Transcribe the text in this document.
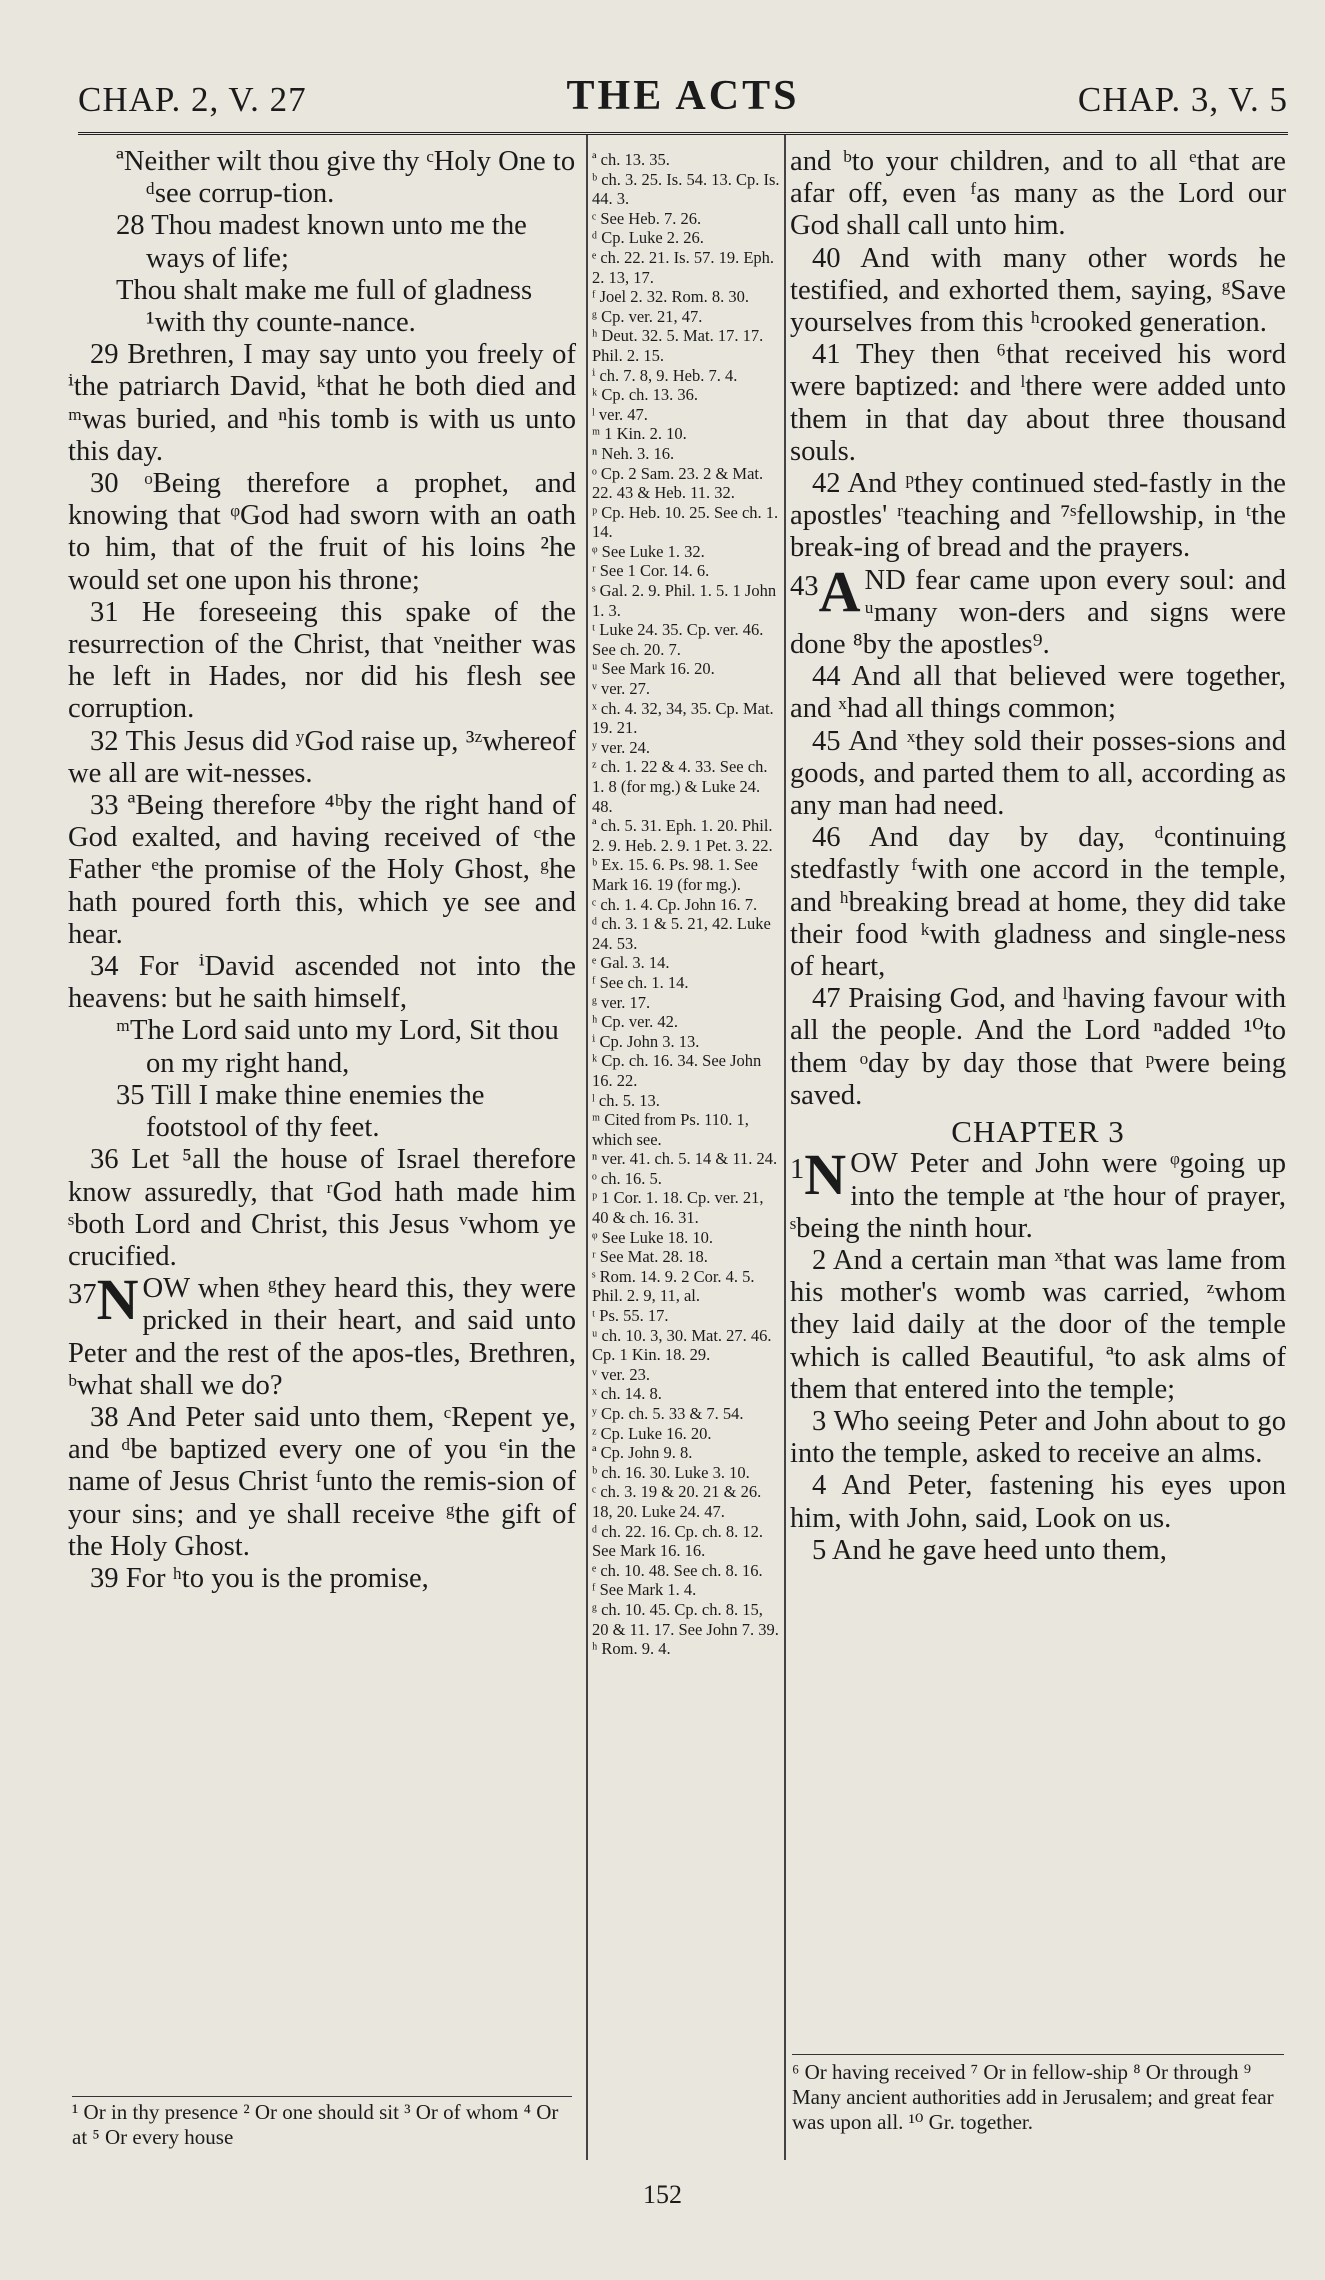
CHAP. 2, V. 27	THE ACTS	CHAP. 3, V. 5

ªNeither wilt thou give thy ᶜHoly One to ᵈsee corrup-tion.

28 Thou madest known unto me the ways of life;

Thou shalt make me full of gladness ¹with thy counte-nance.

29 Brethren, I may say unto you freely of ⁱthe patriarch David, ᵏthat he both died and ᵐwas buried, and ⁿhis tomb is with us unto this day.

30 ᵒBeing therefore a prophet, and knowing that ᵠGod had sworn with an oath to him, that of the fruit of his loins ²he would set one upon his throne;

31 He foreseeing this spake of the resurrection of the Christ, that ᵛneither was he left in Hades, nor did his flesh see corruption.

32 This Jesus did ʸGod raise up, ³ᶻwhereof we all are wit-nesses.

33 ªBeing therefore ⁴ᵇby the right hand of God exalted, and having received of ᶜthe Father ᵉthe promise of the Holy Ghost, ᵍhe hath poured forth this, which ye see and hear.

34 For ⁱDavid ascended not into the heavens: but he saith himself,

ᵐThe Lord said unto my Lord, Sit thou on my right hand,

35 Till I make thine enemies the footstool of thy feet.

36 Let ⁵all the house of Israel therefore know assuredly, that ʳGod hath made him ˢboth Lord and Christ, this Jesus ᵛwhom ye crucified.

37 N OW when ᵍthey heard this, they were pricked in their heart, and said unto Peter and the rest of the apos-tles, Brethren, ᵇwhat shall we do?

38 And Peter said unto them, ᶜRepent ye, and ᵈbe baptized every one of you ᵉin the name of Jesus Christ ᶠunto the remis-sion of your sins; and ye shall receive ᵍthe gift of the Holy Ghost.

39 For ʰto you is the promise,

ª ch. 13. 35.

ᵇ ch. 3. 25. Is. 54. 13. Cp. Is. 44. 3.

ᶜ See Heb. 7. 26.

ᵈ Cp. Luke 2. 26.

ᵉ ch. 22. 21. Is. 57. 19. Eph. 2. 13, 17.

ᶠ Joel 2. 32. Rom. 8. 30.

ᵍ Cp. ver. 21, 47.

ʰ Deut. 32. 5. Mat. 17. 17. Phil. 2. 15.

ⁱ ch. 7. 8, 9. Heb. 7. 4.

ᵏ Cp. ch. 13. 36.

ˡ ver. 47.

ᵐ 1 Kin. 2. 10.

ⁿ Neh. 3. 16.

ᵒ Cp. 2 Sam. 23. 2 & Mat. 22. 43 & Heb. 11. 32.

ᵖ Cp. Heb. 10. 25. See ch. 1. 14.

ᵠ See Luke 1. 32.

ʳ See 1 Cor. 14. 6.

ˢ Gal. 2. 9. Phil. 1. 5. 1 John 1. 3.

ᵗ Luke 24. 35. Cp. ver. 46. See ch. 20. 7.

ᵘ See Mark 16. 20.

ᵛ ver. 27.

ˣ ch. 4. 32, 34, 35. Cp. Mat. 19. 21.

ʸ ver. 24.

ᶻ ch. 1. 22 & 4. 33. See ch. 1. 8 (for mg.) & Luke 24. 48.

ª ch. 5. 31. Eph. 1. 20. Phil. 2. 9. Heb. 2. 9. 1 Pet. 3. 22.

ᵇ Ex. 15. 6. Ps. 98. 1. See Mark 16. 19 (for mg.).

ᶜ ch. 1. 4. Cp. John 16. 7.

ᵈ ch. 3. 1 & 5. 21, 42. Luke 24. 53.

ᵉ Gal. 3. 14.

ᶠ See ch. 1. 14.

ᵍ ver. 17.

ʰ Cp. ver. 42.

ⁱ Cp. John 3. 13.

ᵏ Cp. ch. 16. 34. See John 16. 22.

ˡ ch. 5. 13.

ᵐ Cited from Ps. 110. 1, which see.

ⁿ ver. 41. ch. 5. 14 & 11. 24.

ᵒ ch. 16. 5.

ᵖ 1 Cor. 1. 18. Cp. ver. 21, 40 & ch. 16. 31.

ᵠ See Luke 18. 10.

ʳ See Mat. 28. 18.

ˢ Rom. 14. 9. 2 Cor. 4. 5. Phil. 2. 9, 11, al.

ᵗ Ps. 55. 17.

ᵘ ch. 10. 3, 30. Mat. 27. 46. Cp. 1 Kin. 18. 29.

ᵛ ver. 23.

ˣ ch. 14. 8.

ʸ Cp. ch. 5. 33 & 7. 54.

ᶻ Cp. Luke 16. 20.

ª Cp. John 9. 8.

ᵇ ch. 16. 30. Luke 3. 10.

ᶜ ch. 3. 19 & 20. 21 & 26. 18, 20. Luke 24. 47.

ᵈ ch. 22. 16. Cp. ch. 8. 12. See Mark 16. 16.

ᵉ ch. 10. 48. See ch. 8. 16.

ᶠ See Mark 1. 4.

ᵍ ch. 10. 45. Cp. ch. 8. 15, 20 & 11. 17. See John 7. 39.

ʰ Rom. 9. 4.

and ᵇto your children, and to all ᵉthat are afar off, even ᶠas many as the Lord our God shall call unto him.

40 And with many other words he testified, and exhorted them, saying, ᵍSave yourselves from this ʰcrooked generation.

41 They then ⁶that received his word were baptized: and ˡthere were added unto them in that day about three thousand souls.

42 And ᵖthey continued sted-fastly in the apostles' ʳteaching and ⁷ˢfellowship, in ᵗthe break-ing of bread and the prayers.

43 A ND fear came upon every soul: and ᵘmany won-ders and signs were done ⁸by the apostles⁹.

44 And all that believed were together, and ˣhad all things common;

45 And ˣthey sold their posses-sions and goods, and parted them to all, according as any man had need.

46 And day by day, ᵈcontinuing stedfastly ᶠwith one accord in the temple, and ʰbreaking bread at home, they did take their food ᵏwith gladness and single-ness of heart,

47 Praising God, and ˡhaving favour with all the people. And the Lord ⁿadded ¹⁰to them ᵒday by day those that ᵖwere being saved.

CHAPTER 3

1 N OW Peter and John were ᵠgoing up into the temple at ʳthe hour of prayer, ˢbeing the ninth hour.

2 And a certain man ˣthat was lame from his mother's womb was carried, ᶻwhom they laid daily at the door of the temple which is called Beautiful, ªto ask alms of them that entered into the temple;

3 Who seeing Peter and John about to go into the temple, asked to receive an alms.

4 And Peter, fastening his eyes upon him, with John, said, Look on us.

5 And he gave heed unto them,

¹ Or in thy presence ² Or one should sit ³ Or of whom ⁴ Or at ⁵ Or every house
⁶ Or having received ⁷ Or in fellow-ship ⁸ Or through ⁹ Many ancient authorities add in Jerusalem; and great fear was upon all. ¹⁰ Gr. together.
152
